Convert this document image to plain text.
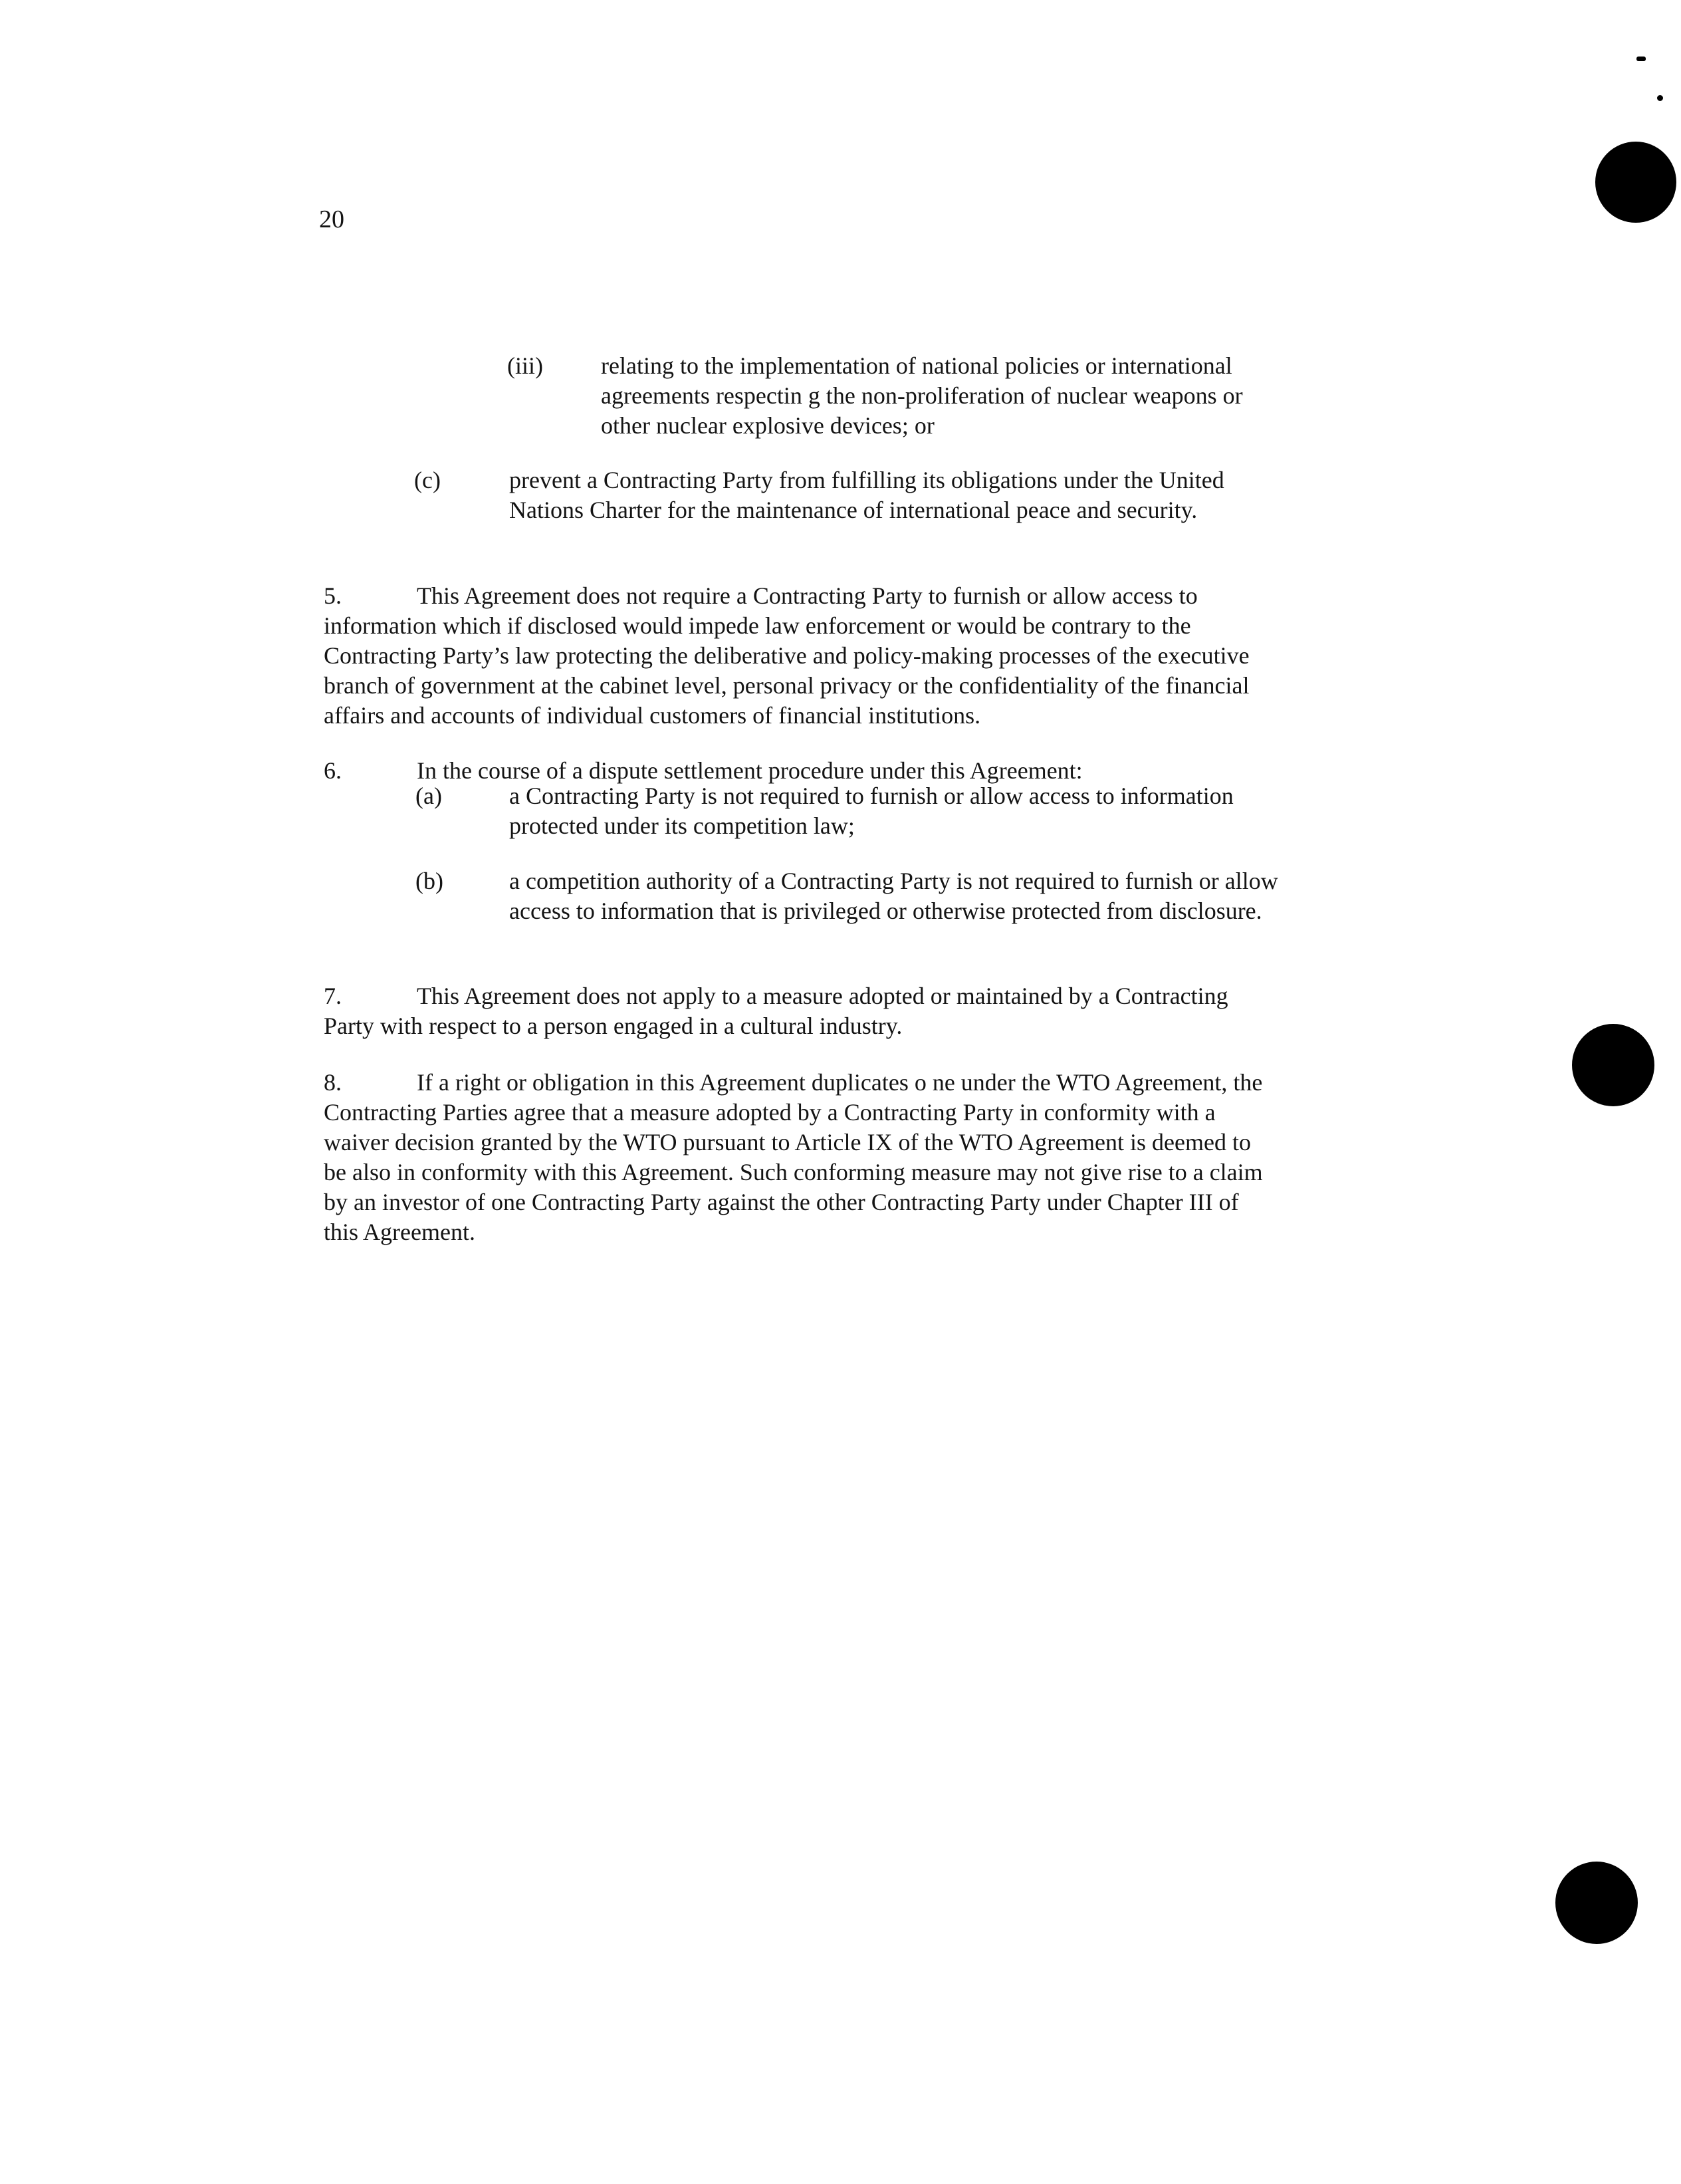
20
(iii) relating to the implementation of national policies or international
agreements respectin g the non-proliferation of nuclear weapons or
other nuclear explosive devices; or
(c)	prevent a Contracting Party from fulfilling its obligations under the United
Nations Charter for the maintenance of international peace and security.

5.	This Agreement does not require a Contracting Party to furnish or allow access to

information which if disclosed would impede law enforcement or would be contrary to the
Contracting Party’s law protecting the deliberative and policy-making processes of the executive
branch of government at the cabinet level, personal privacy or the confidentiality of the financial
affairs and accounts of individual customers of financial institutions.

6.	In the course of a dispute settlement procedure under this Agreement:

(a)	a Contracting Party is not required to furnish or allow access to information
protected under its competition law;
(b)	a competition authority of a Contracting Party is not required to furnish or allow
access to information that is privileged or otherwise protected from disclosure.

7.	This Agreement does not apply to a measure adopted or maintained by a Contracting

Party with respect to a person engaged in a cultural industry.

8.	If a right or obligation in this Agreement duplicates o ne under the WTO Agreement, the

Contracting Parties agree that a measure adopted by a Contracting Party in conformity with a
waiver decision granted by the WTO pursuant to Article IX of the WTO Agreement is deemed to
be also in conformity with this Agreement. Such conforming measure may not give rise to a claim
by an investor of one Contracting Party against the other Contracting Party under Chapter III of
this Agreement.
